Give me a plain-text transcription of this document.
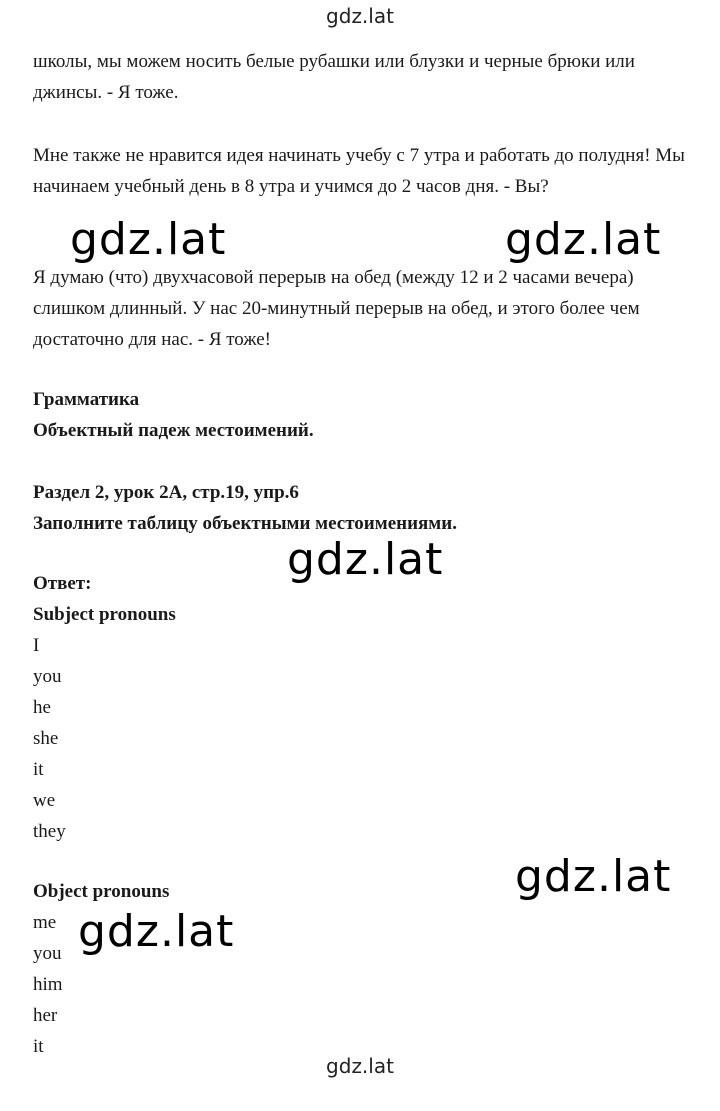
gdz.lat

школы, мы можем носить белые рубашки или блузки и черные брюки или джинсы. - Я тоже.

Мне также не нравится идея начинать учебу с 7 утра и работать до полудня! Мы начинаем учебный день в 8 утра и учимся до 2 часов дня. - Вы?

Я думаю (что) двухчасовой перерыв на обед (между 12 и 2 часами вечера) слишком длинный. У нас 20-минутный перерыв на обед, и этого более чем достаточно для нас. - Я тоже!

Грамматика
Объектный падеж местоимений.
Раздел 2, урок 2А, стр.19, упр.6
Заполните таблицу объектными местоимениями.
Ответ:
Subject pronouns
I
you
he
she
it
we
they
Object pronouns
me
you
him
her
it
gdz.lat	gdz.lat
gdz.lat
gdz.lat
gdz.lat
gdz.lat
